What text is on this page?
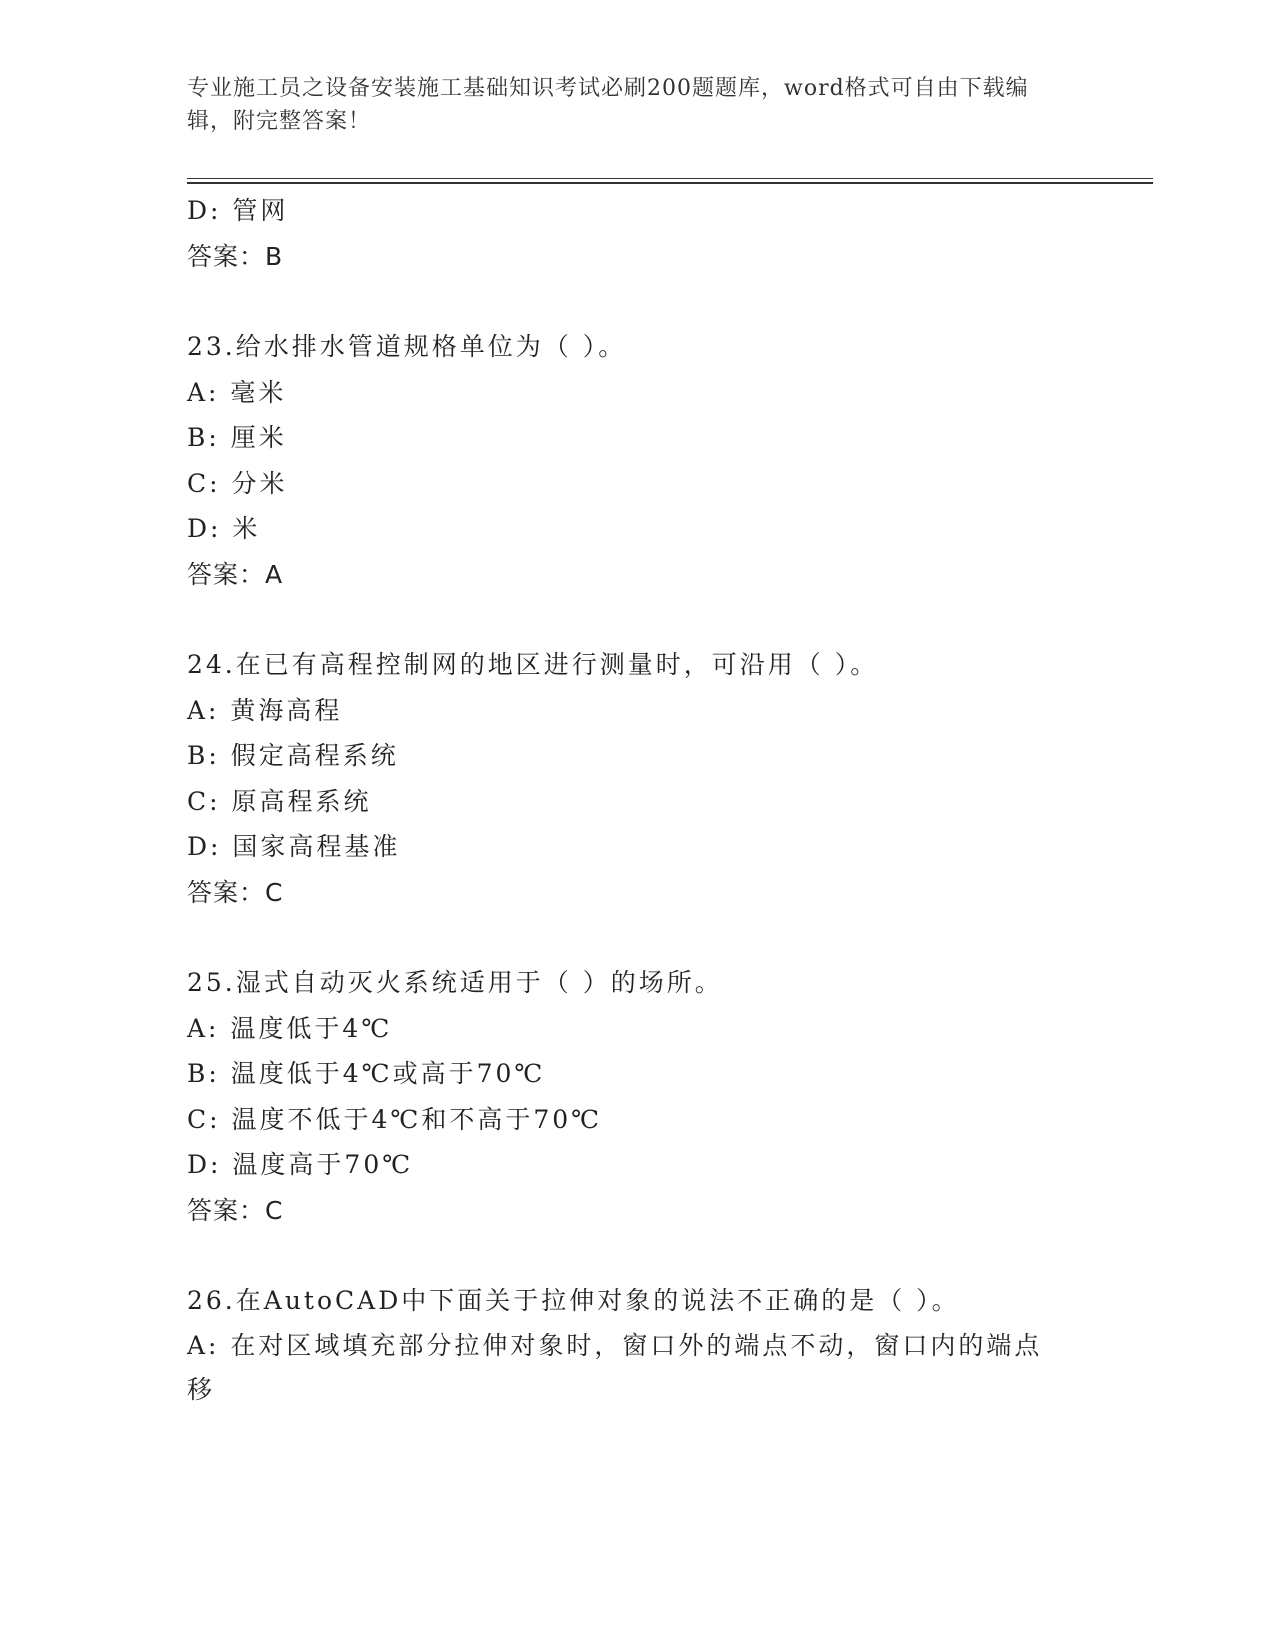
专业施工员之设备安装施工基础知识考试必刷200题题库，word格式可自由下载编辑，附完整答案！
D: 管网
答案：B
23.给水排水管道规格单位为（ ）。
A: 毫米
B: 厘米
C: 分米
D: 米
答案：A
24.在已有高程控制网的地区进行测量时，可沿用（ ）。
A: 黄海高程
B: 假定高程系统
C: 原高程系统
D: 国家高程基准
答案：C
25.湿式自动灭火系统适用于（ ）的场所。
A: 温度低于4℃
B: 温度低于4℃或高于70℃
C: 温度不低于4℃和不高于70℃
D: 温度高于70℃
答案：C
26.在AutoCAD中下面关于拉伸对象的说法不正确的是（ ）。
A: 在对区域填充部分拉伸对象时，窗口外的端点不动，窗口内的端点移
